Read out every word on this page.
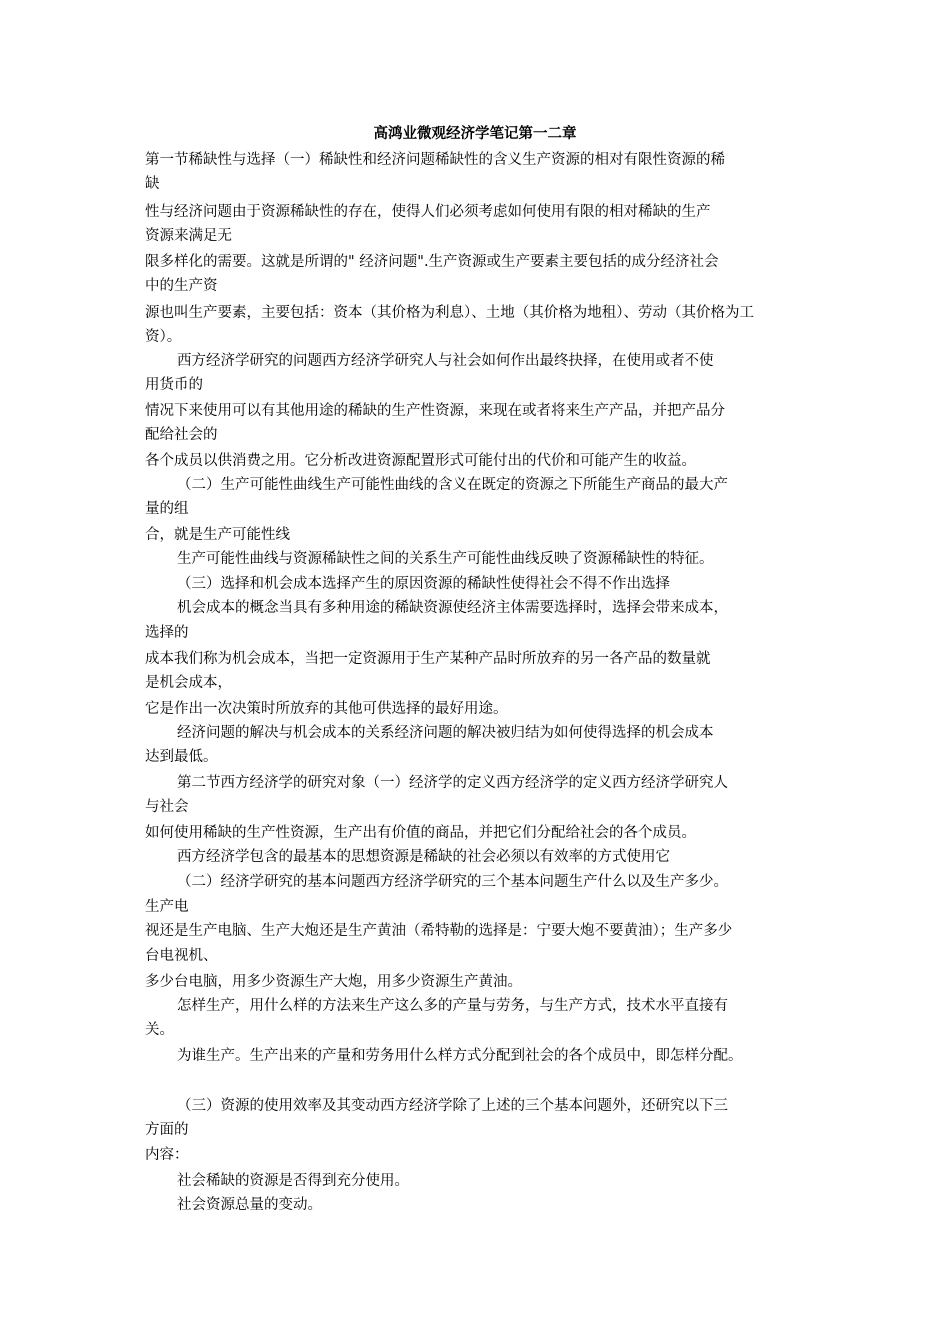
高鸿业微观经济学笔记第一二章
第一节稀缺性与选择（一）稀缺性和经济问题稀缺性的含义生产资源的相对有限性资源的稀
缺
性与经济问题由于资源稀缺性的存在，使得人们必须考虑如何使用有限的相对稀缺的生产
资源来满足无
限多样化的需要。这就是所谓的" 经济问题".生产资源或生产要素主要包括的成分经济社会
中的生产资
源也叫生产要素，主要包括：资本（其价格为利息）、土地（其价格为地租）、劳动（其价格为工
资）。
西方经济学研究的问题西方经济学研究人与社会如何作出最终抉择，在使用或者不使
用货币的
情况下来使用可以有其他用途的稀缺的生产性资源，来现在或者将来生产产品，并把产品分
配给社会的
各个成员以供消费之用。它分析改进资源配置形式可能付出的代价和可能产生的收益。
（二）生产可能性曲线生产可能性曲线的含义在既定的资源之下所能生产商品的最大产
量的组
合，就是生产可能性线
生产可能性曲线与资源稀缺性之间的关系生产可能性曲线反映了资源稀缺性的特征。
（三）选择和机会成本选择产生的原因资源的稀缺性使得社会不得不作出选择
机会成本的概念当具有多种用途的稀缺资源使经济主体需要选择时，选择会带来成本，
选择的
成本我们称为机会成本，当把一定资源用于生产某种产品时所放弃的另一各产品的数量就
是机会成本，
它是作出一次决策时所放弃的其他可供选择的最好用途。
经济问题的解决与机会成本的关系经济问题的解决被归结为如何使得选择的机会成本
达到最低。
第二节西方经济学的研究对象（一）经济学的定义西方经济学的定义西方经济学研究人
与社会
如何使用稀缺的生产性资源，生产出有价值的商品，并把它们分配给社会的各个成员。
西方经济学包含的最基本的思想资源是稀缺的社会必须以有效率的方式使用它
（二）经济学研究的基本问题西方经济学研究的三个基本问题生产什么以及生产多少。
生产电
视还是生产电脑、生产大炮还是生产黄油（希特勒的选择是：宁要大炮不要黄油）；生产多少
台电视机、
多少台电脑，用多少资源生产大炮，用多少资源生产黄油。
怎样生产，用什么样的方法来生产这么多的产量与劳务，与生产方式，技术水平直接有
关。
为谁生产。生产出来的产量和劳务用什么样方式分配到社会的各个成员中，即怎样分配。
（三）资源的使用效率及其变动西方经济学除了上述的三个基本问题外，还研究以下三
方面的
内容：
社会稀缺的资源是否得到充分使用。
社会资源总量的变动。
